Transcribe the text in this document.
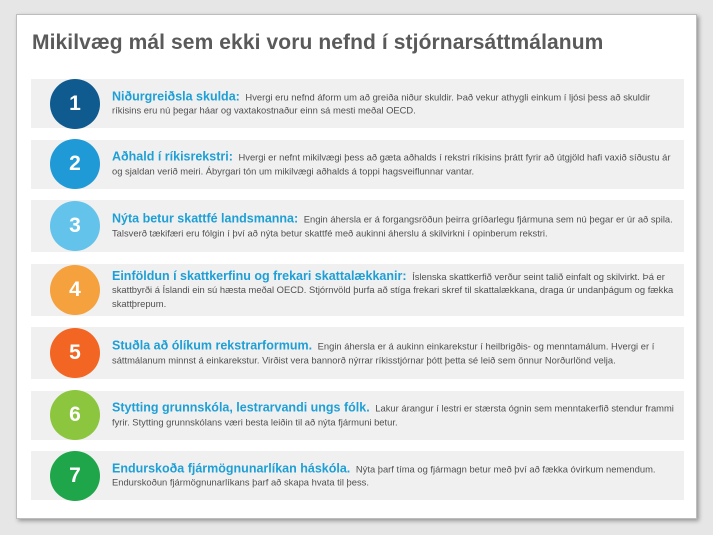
Mikilvæg mál sem ekki voru nefnd í stjórnarsáttmálanum
1	Niðurgreiðsla skulda: Hvergi eru nefnd áform um að greiða niður skuldir. Það vekur athygli einkum í ljósi þess að skuldir ríkisins eru nú þegar háar og vaxtakostnaður einn sá mesti meðal OECD.
2	Aðhald í ríkisrekstri: Hvergi er nefnt mikilvægi þess að gæta aðhalds í rekstri ríkisins þrátt fyrir að útgjöld hafi vaxið síðustu ár og sjaldan verið meiri. Ábyrgari tón um mikilvægi aðhalds á toppi hagsveiflunnar vantar.
3	Nýta betur skattfé landsmanna: Engin áhersla er á forgangsröðun þeirra gríðarlegu fjármuna sem nú þegar er úr að spila. Talsverð tækifæri eru fólgin í því að nýta betur skattfé með aukinni áherslu á skilvirkni í opinberum rekstri.
4
Einföldun í skattkerfinu og frekari skattalækkanir: Íslenska skattkerfið verður seint talið einfalt og skilvirkt. Þá er skattbyrði á Íslandi ein sú hæsta meðal OECD. Stjórnvöld þurfa að stíga frekari skref til skattalækkana, draga úr undanþágum og fækka skattþrepum.
5	Stuðla að ólíkum rekstrarformum. Engin áhersla er á aukinn einkarekstur í heilbrigðis- og menntamálum. Hvergi er í sáttmálanum minnst á einkarekstur. Virðist vera bannorð nýrrar ríkisstjórnar þótt þetta sé leið sem önnur Norðurlönd velja.
6	Stytting grunnskóla, lestrarvandi ungs fólk. Lakur árangur í lestri er stærsta ógnin sem menntakerfið stendur frammi fyrir. Stytting grunnskólans væri besta leiðin til að nýta fjármuni betur.
7	Endurskoða fjármögnunarlíkan háskóla. Nýta þarf tíma og fjármagn betur með því að fækka óvirkum nemendum. Endurskoðun fjármögnunarlíkans þarf að skapa hvata til þess.
